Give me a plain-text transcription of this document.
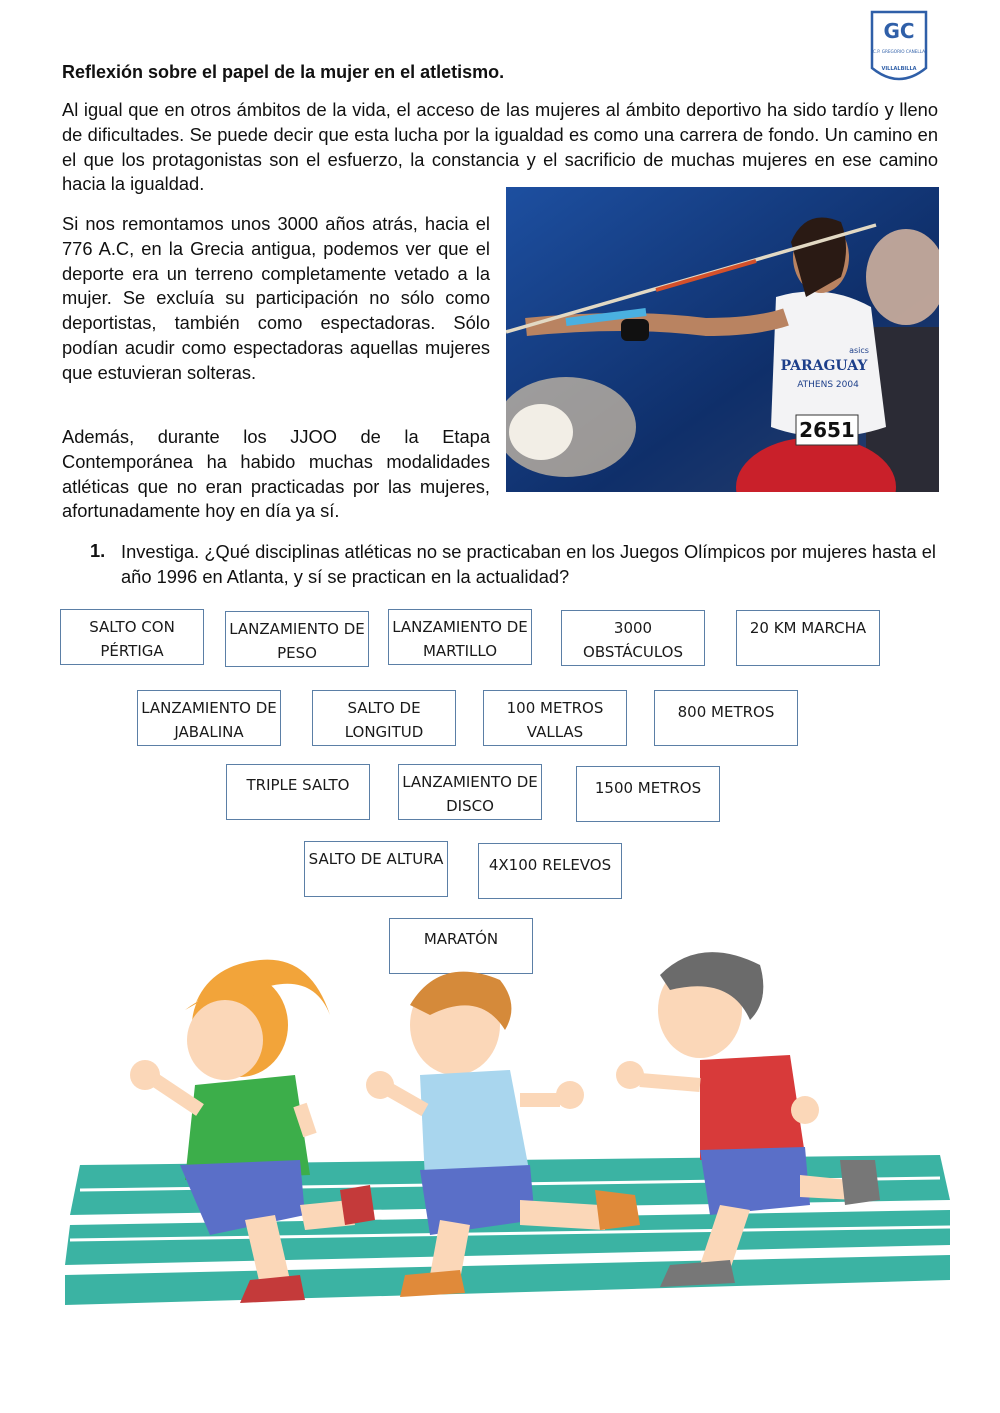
GC
C.P. GREGORIO CANELLA
VILLALBILLA
Reflexión sobre el papel de la mujer en el atletismo.
Al igual que en otros ámbitos de la vida, el acceso de las mujeres al ámbito deportivo ha sido tardío y lleno de dificultades. Se puede decir que esta lucha por la igualdad es como una carrera de fondo. Un camino en el que los protagonistas son el esfuerzo, la constancia y el sacrificio de muchas mujeres en ese camino hacia la igualdad.
Si nos remontamos unos 3000 años atrás, hacia el 776 A.C, en la Grecia antigua, podemos ver que el deporte era un terreno completamente vetado a la mujer. Se excluía su participación no sólo como deportistas, también como espectadoras. Sólo podían acudir como espectadoras aquellas mujeres que estuvieran solteras.
Además, durante los JJOO de la Etapa Contemporánea ha habido muchas modalidades atléticas que no eran practicadas por las mujeres, afortunadamente hoy en día ya sí.
2651
PARAGUAY
ATHENS 2004
asics
1. Investiga. ¿Qué disciplinas atléticas no se practicaban en los Juegos Olímpicos por mujeres hasta el año 1996 en Atlanta, y sí se practican en la actualidad?
SALTO CON PÉRTIGA
LANZAMIENTO DE PESO
LANZAMIENTO DE MARTILLO
3000 OBSTÁCULOS
20 KM MARCHA
LANZAMIENTO DE JABALINA
SALTO DE LONGITUD
100 METROS VALLAS
800 METROS
TRIPLE SALTO	LANZAMIENTO DE DISCO
1500 METROS
SALTO DE ALTURA	4X100 RELEVOS
MARATÓN
